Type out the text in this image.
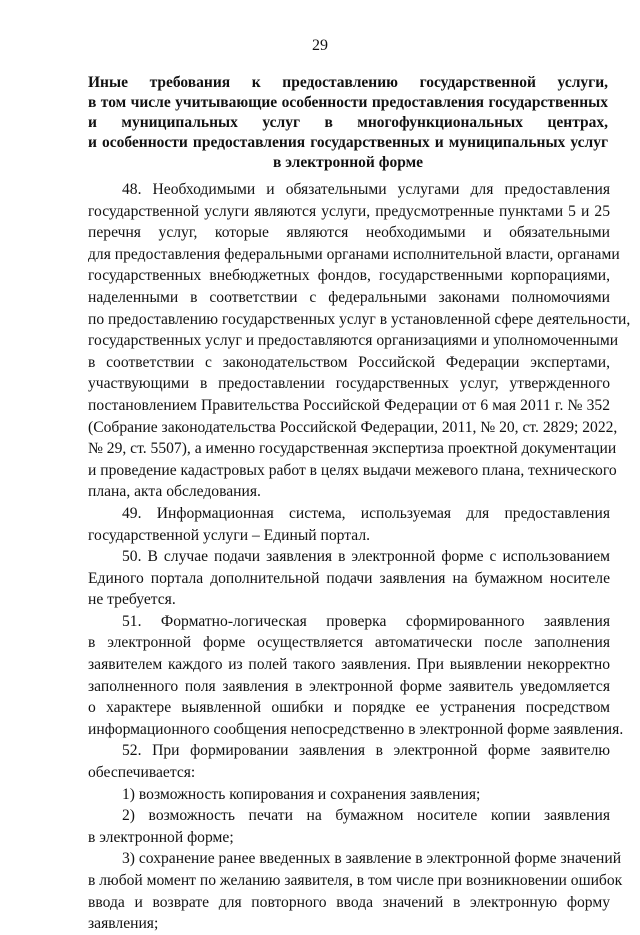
29
Иные требования к предоставлению государственной услуги,
в том числе учитывающие особенности предоставления государственных
и муниципальных услуг в многофункциональных центрах,
и особенности предоставления государственных и муниципальных услуг
в электронной форме
48. Необходимыми и обязательными услугами для предоставления
государственной услуги являются услуги, предусмотренные пунктами 5 и 25
перечня услуг, которые являются необходимыми и обязательными
для предоставления федеральными органами исполнительной власти, органами
государственных внебюджетных фондов, государственными корпорациями,
наделенными в соответствии с федеральными законами полномочиями
по предоставлению государственных услуг в установленной сфере деятельности,
государственных услуг и предоставляются организациями и уполномоченными
в соответствии с законодательством Российской Федерации экспертами,
участвующими в предоставлении государственных услуг, утвержденного
постановлением Правительства Российской Федерации от 6 мая 2011 г. № 352
(Собрание законодательства Российской Федерации, 2011, № 20, ст. 2829; 2022,
№ 29, ст. 5507), а именно государственная экспертиза проектной документации
и проведение кадастровых работ в целях выдачи межевого плана, технического
плана, акта обследования.
49. Информационная система, используемая для предоставления
государственной услуги – Единый портал.
50. В случае подачи заявления в электронной форме с использованием
Единого портала дополнительной подачи заявления на бумажном носителе
не требуется.
51. Форматно-логическая проверка сформированного заявления
в электронной форме осуществляется автоматически после заполнения
заявителем каждого из полей такого заявления. При выявлении некорректно
заполненного поля заявления в электронной форме заявитель уведомляется
о характере выявленной ошибки и порядке ее устранения посредством
информационного сообщения непосредственно в электронной форме заявления.
52. При формировании заявления в электронной форме заявителю
обеспечивается:
1) возможность копирования и сохранения заявления;
2) возможность печати на бумажном носителе копии заявления
в электронной форме;
3) сохранение ранее введенных в заявление в электронной форме значений
в любой момент по желанию заявителя, в том числе при возникновении ошибок
ввода и возврате для повторного ввода значений в электронную форму
заявления;
